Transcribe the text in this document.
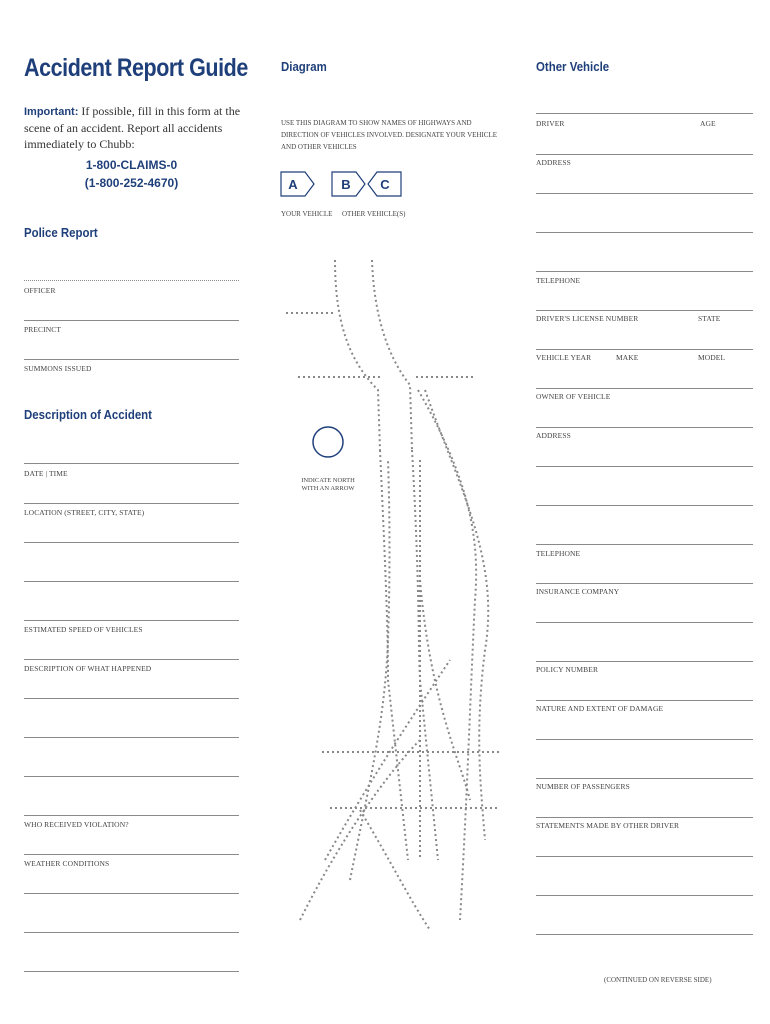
Accident Report Guide
Important: If possible, fill in this form at the scene of an accident. Report all accidents immediately to Chubb:
1-800-CLAIMS-0
(1-800-252-4670)
Police Report
OFFICER
PRECINCT
SUMMONS ISSUED
Description of Accident
DATE | TIME
LOCATION (STREET, CITY, STATE)
ESTIMATED SPEED OF VEHICLES
DESCRIPTION OF WHAT HAPPENED
WHO RECEIVED VIOLATION?
WEATHER CONDITIONS
Diagram
USE THIS DIAGRAM TO SHOW NAMES OF HIGHWAYS AND DIRECTION OF VEHICLES INVOLVED. DESIGNATE YOUR VEHICLE AND OTHER VEHICLES
A	B C
YOUR VEHICLE OTHER VEHICLE(S)
INDICATE NORTH WITH AN ARROW
Other Vehicle
DRIVER	AGE
ADDRESS
TELEPHONE
DRIVER'S LICENSE NUMBER	STATE
VEHICLE YEAR	MAKE	MODEL
OWNER OF VEHICLE
ADDRESS
TELEPHONE
INSURANCE COMPANY
POLICY NUMBER
NATURE AND EXTENT OF DAMAGE
NUMBER OF PASSENGERS
STATEMENTS MADE BY OTHER DRIVER
(CONTINUED ON REVERSE SIDE)
